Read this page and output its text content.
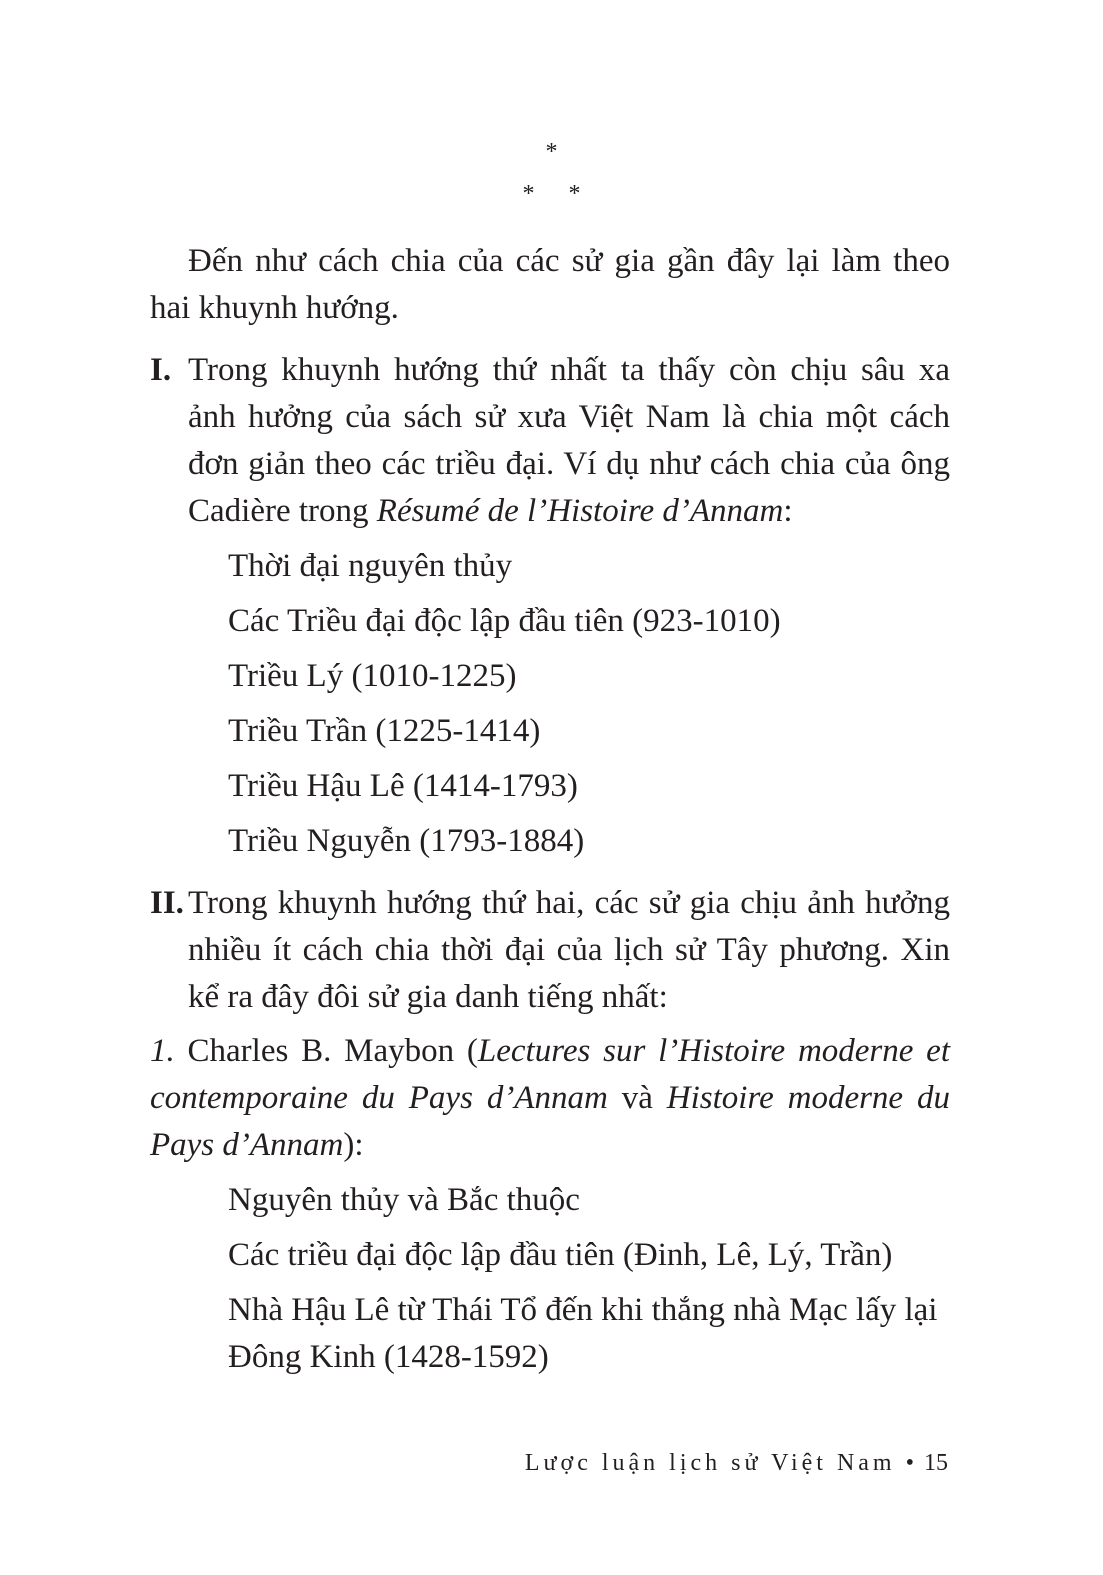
*
* *

Đến như cách chia của các sử gia gần đây lại làm theo hai khuynh hướng.

I. Trong khuynh hướng thứ nhất ta thấy còn chịu sâu xa ảnh hưởng của sách sử xưa Việt Nam là chia một cách đơn giản theo các triều đại. Ví dụ như cách chia của ông Cadière trong Résumé de l’Histoire d’Annam:
Thời đại nguyên thủy
Các Triều đại độc lập đầu tiên (923-1010)
Triều Lý (1010-1225)
Triều Trần (1225-1414)
Triều Hậu Lê (1414-1793)
Triều Nguyễn (1793-1884)
II. Trong khuynh hướng thứ hai, các sử gia chịu ảnh hưởng nhiều ít cách chia thời đại của lịch sử Tây phương. Xin kể ra đây đôi sử gia danh tiếng nhất:
1. Charles B. Maybon (Lectures sur l’Histoire moderne et contemporaine du Pays d’Annam và Histoire moderne du Pays d’Annam):
Nguyên thủy và Bắc thuộc
Các triều đại độc lập đầu tiên (Đinh, Lê, Lý, Trần)
Nhà Hậu Lê từ Thái Tổ đến khi thắng nhà Mạc lấy lại Đông Kinh (1428-1592)
Lược luận lịch sử Việt Nam • 15
